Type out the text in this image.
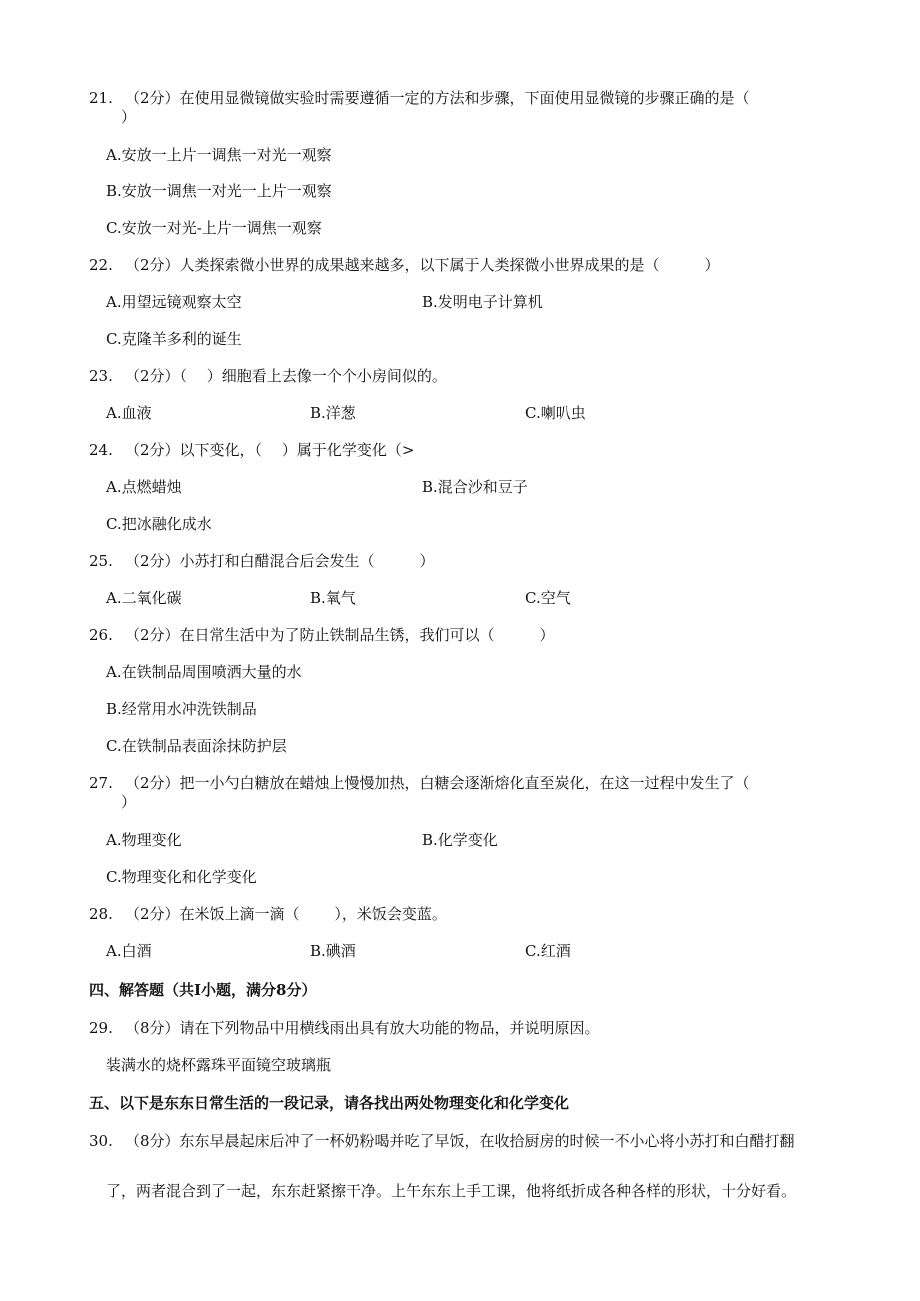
21. （2分）在使用显微镜做实验时需要遵循一定的方法和步骤，下面使用显微镜的步骤正确的是（
）
A.安放一上片一调焦一对光一观察
B.安放一调焦一对光一上片一观察
C.安放一对光-上片一调焦一观察
22. （2分）人类探索微小世界的成果越来越多，以下属于人类探微小世界成果的是（　　　）
A.用望远镜观察太空	B.发明电子计算机
C.克隆羊多利的诞生
23. （2分）（　 ）细胞看上去像一个个小房间似的。
A.血液	B.洋葱	C.喇叭虫
24. （2分）以下变化，（　 ）属于化学变化（>
A.点燃蜡烛	B.混合沙和豆子
C.把冰融化成水
25. （2分）小苏打和白醋混合后会发生（　　　）
A.二氧化碳	B.氧气	C.空气
26. （2分）在日常生活中为了防止铁制品生锈，我们可以（　　　）
A.在铁制品周围喷洒大量的水
B.经常用水冲洗铁制品
C.在铁制品表面涂抹防护层
27. （2分）把一小勺白糖放在蜡烛上慢慢加热，白糖会逐渐熔化直至炭化，在这一过程中发生了（
）
A.物理变化	B.化学变化
C.物理变化和化学变化
28. （2分）在米饭上滴一滴（　　 ），米饭会变蓝。
A.白酒	B.碘酒	C.红酒
四、解答题（共I小题，满分8分）
29. （8分）请在下列物品中用横线雨出具有放大功能的物品，并说明原因。
装满水的烧杯露珠平面镜空玻璃瓶
五、以下是东东日常生活的一段记录，请各找出两处物理变化和化学变化
30. （8分）东东早晨起床后冲了一杯奶粉喝并吃了早饭，在收拾厨房的时候一不小心将小苏打和白醋打翻
了，两者混合到了一起，东东赶紧擦干净。上午东东上手工课，他将纸折成各种各样的形状，十分好看。
